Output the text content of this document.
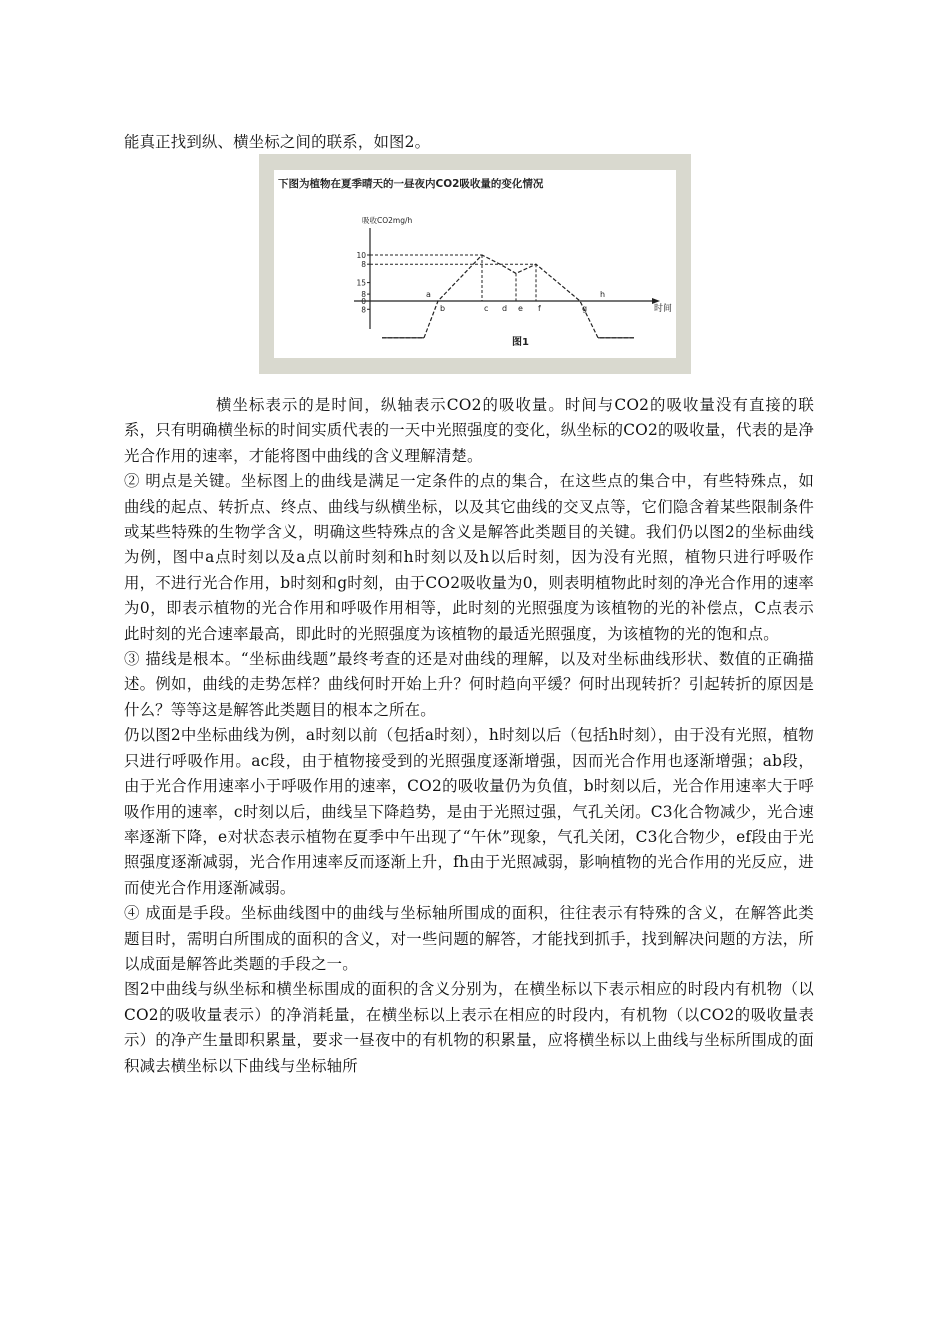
能真正找到纵、横坐标之间的联系，如图2。

下图为植物在夏季晴天的一昼夜内CO2吸收量的变化情况
吸收CO2mg/h
时间
图1
10
8
15
8
0
8
a
b	c d e f	g
h

横坐标表示的是时间，纵轴表示CO2的吸收量。时间与CO2的吸收量没有直接的联系，只有明确横坐标的时间实质代表的一天中光照强度的变化，纵坐标的CO2的吸收量，代表的是净光合作用的速率，才能将图中曲线的含义理解清楚。

② 明点是关键。坐标图上的曲线是满足一定条件的点的集合，在这些点的集合中，有些特殊点，如曲线的起点、转折点、终点、曲线与纵横坐标，以及其它曲线的交叉点等，它们隐含着某些限制条件或某些特殊的生物学含义，明确这些特殊点的含义是解答此类题目的关键。我们仍以图2的坐标曲线为例，图中a点时刻以及a点以前时刻和h时刻以及h以后时刻，因为没有光照，植物只进行呼吸作用，不进行光合作用，b时刻和g时刻，由于CO2吸收量为0，则表明植物此时刻的净光合作用的速率为0，即表示植物的光合作用和呼吸作用相等，此时刻的光照强度为该植物的光的补偿点，C点表示此时刻的光合速率最高，即此时的光照强度为该植物的最适光照强度，为该植物的光的饱和点。

③ 描线是根本。“坐标曲线题”最终考查的还是对曲线的理解，以及对坐标曲线形状、数值的正确描述。例如，曲线的走势怎样？曲线何时开始上升？何时趋向平缓？何时出现转折？引起转折的原因是什么？等等这是解答此类题目的根本之所在。

仍以图2中坐标曲线为例，a时刻以前（包括a时刻），h时刻以后（包括h时刻），由于没有光照，植物只进行呼吸作用。ac段，由于植物接受到的光照强度逐渐增强，因而光合作用也逐渐增强；ab段，由于光合作用速率小于呼吸作用的速率，CO2的吸收量仍为负值，b时刻以后，光合作用速率大于呼吸作用的速率，c时刻以后，曲线呈下降趋势，是由于光照过强，气孔关闭。C3化合物减少，光合速率逐渐下降，e对状态表示植物在夏季中午出现了“午休”现象，气孔关闭，C3化合物少，ef段由于光照强度逐渐减弱，光合作用速率反而逐渐上升，fh由于光照减弱，影响植物的光合作用的光反应，进而使光合作用逐渐减弱。

④ 成面是手段。坐标曲线图中的曲线与坐标轴所围成的面积，往往表示有特殊的含义，在解答此类题目时，需明白所围成的面积的含义，对一些问题的解答，才能找到抓手，找到解决问题的方法，所以成面是解答此类题的手段之一。

图2中曲线与纵坐标和横坐标围成的面积的含义分别为，在横坐标以下表示相应的时段内有机物（以CO2的吸收量表示）的净消耗量，在横坐标以上表示在相应的时段内，有机物（以CO2的吸收量表示）的净产生量即积累量，要求一昼夜中的有机物的积累量，应将横坐标以上曲线与坐标所围成的面积减去横坐标以下曲线与坐标轴所
